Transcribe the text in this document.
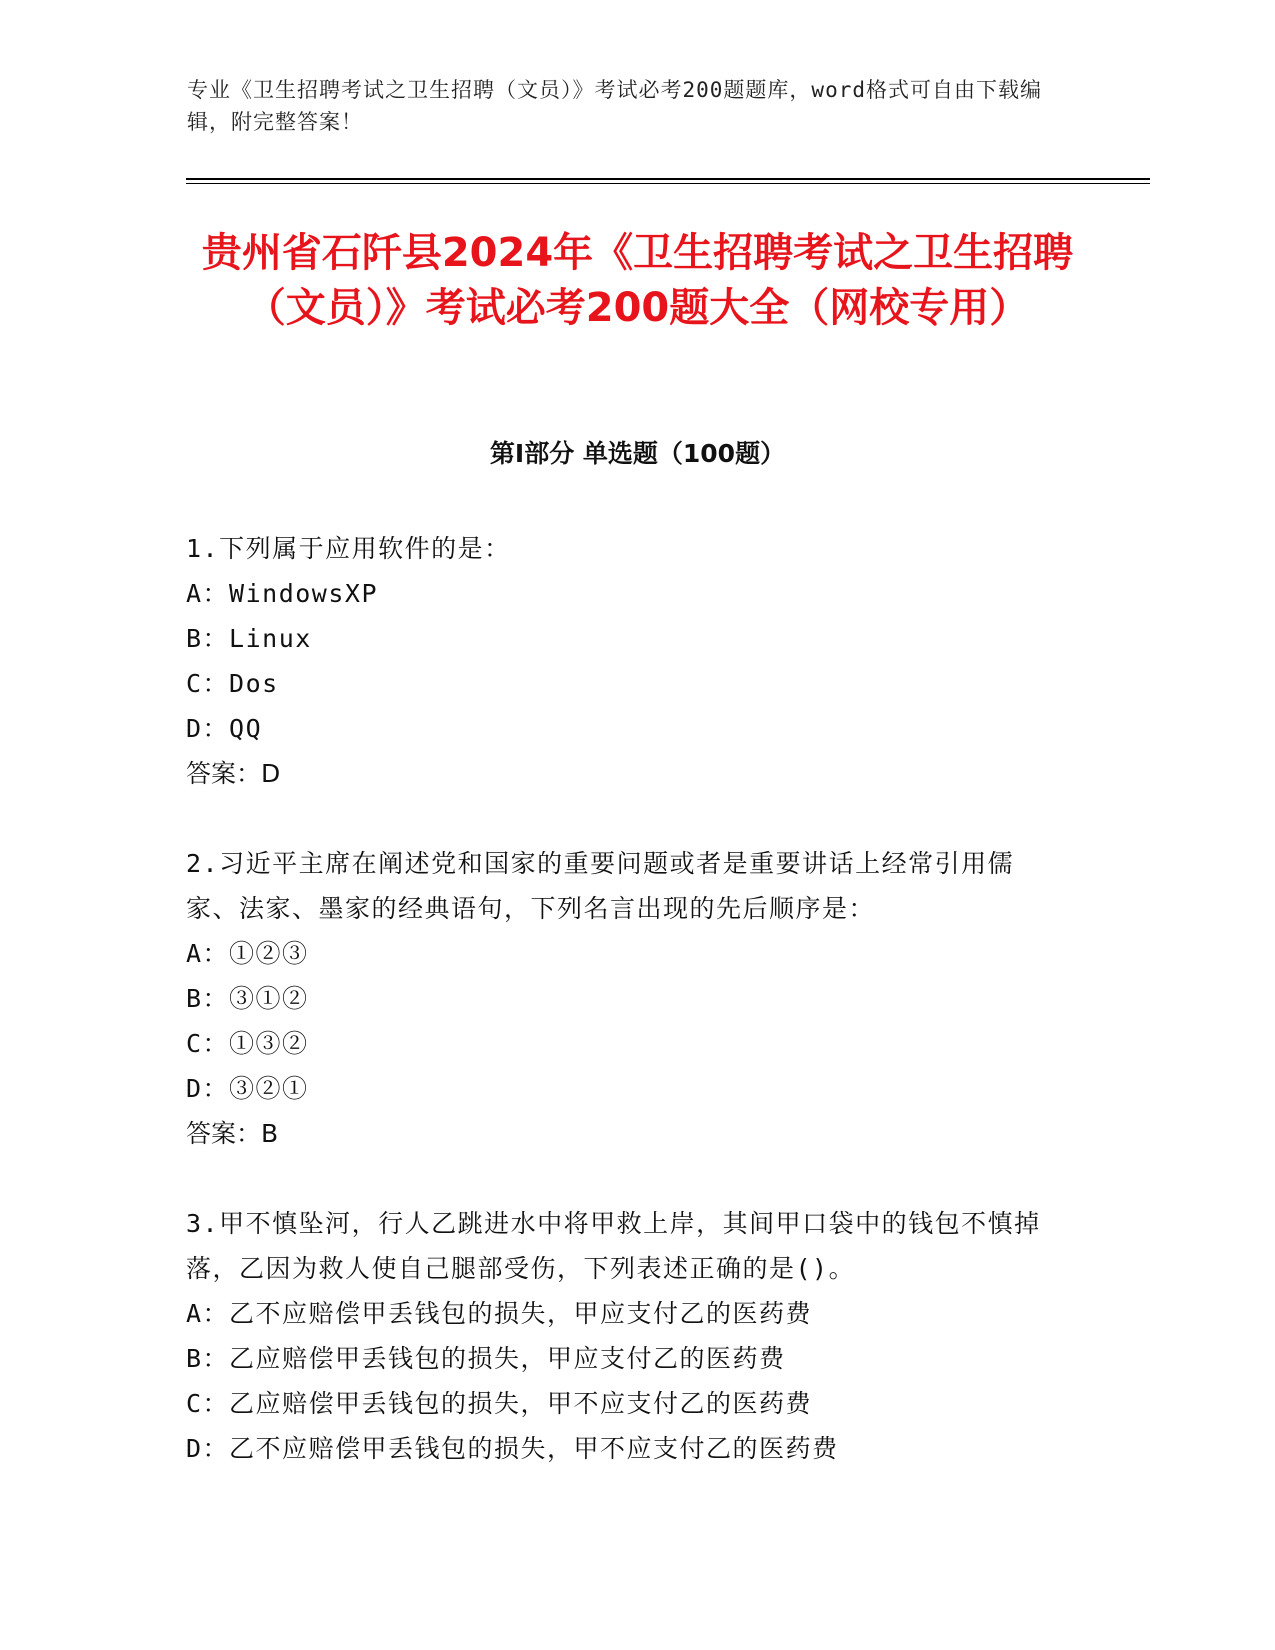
专业《卫生招聘考试之卫生招聘（文员）》考试必考200题题库，word格式可自由下载编辑，附完整答案！
贵州省石阡县2024年《卫生招聘考试之卫生招聘（文员）》考试必考200题大全（网校专用）
第I部分 单选题（100题）
1.下列属于应用软件的是：
A：WindowsXP
B：Linux
C：Dos
D：QQ
答案：D
2.习近平主席在阐述党和国家的重要问题或者是重要讲话上经常引用儒家、法家、墨家的经典语句，下列名言出现的先后顺序是：
A：①②③
B：③①②
C：①③②
D：③②①
答案：B
3.甲不慎坠河，行人乙跳进水中将甲救上岸，其间甲口袋中的钱包不慎掉落，乙因为救人使自己腿部受伤，下列表述正确的是()。
A：乙不应赔偿甲丢钱包的损失，甲应支付乙的医药费
B：乙应赔偿甲丢钱包的损失，甲应支付乙的医药费
C：乙应赔偿甲丢钱包的损失，甲不应支付乙的医药费
D：乙不应赔偿甲丢钱包的损失，甲不应支付乙的医药费
